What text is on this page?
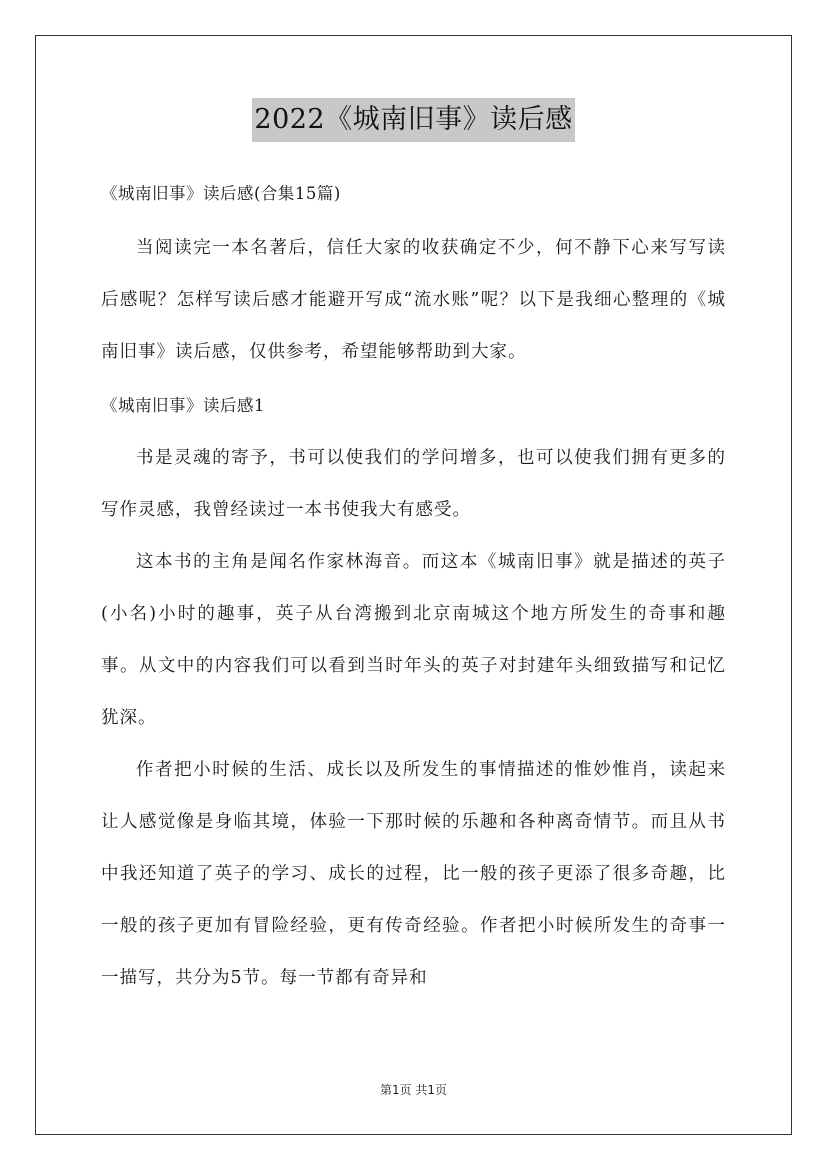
2022《城南旧事》读后感
《城南旧事》读后感(合集15篇)

当阅读完一本名著后，信任大家的收获确定不少，何不静下心来写写读后感呢？怎样写读后感才能避开写成“流水账”呢？以下是我细心整理的《城南旧事》读后感，仅供参考，希望能够帮助到大家。

《城南旧事》读后感1

书是灵魂的寄予，书可以使我们的学问增多，也可以使我们拥有更多的写作灵感，我曾经读过一本书使我大有感受。

这本书的主角是闻名作家林海音。而这本《城南旧事》就是描述的英子(小名)小时的趣事，英子从台湾搬到北京南城这个地方所发生的奇事和趣事。从文中的内容我们可以看到当时年头的英子对封建年头细致描写和记忆犹深。

作者把小时候的生活、成长以及所发生的事情描述的惟妙惟肖，读起来让人感觉像是身临其境，体验一下那时候的乐趣和各种离奇情节。而且从书中我还知道了英子的学习、成长的过程，比一般的孩子更添了很多奇趣，比一般的孩子更加有冒险经验，更有传奇经验。作者把小时候所发生的奇事一一描写，共分为5节。每一节都有奇异和

第1页 共1页
